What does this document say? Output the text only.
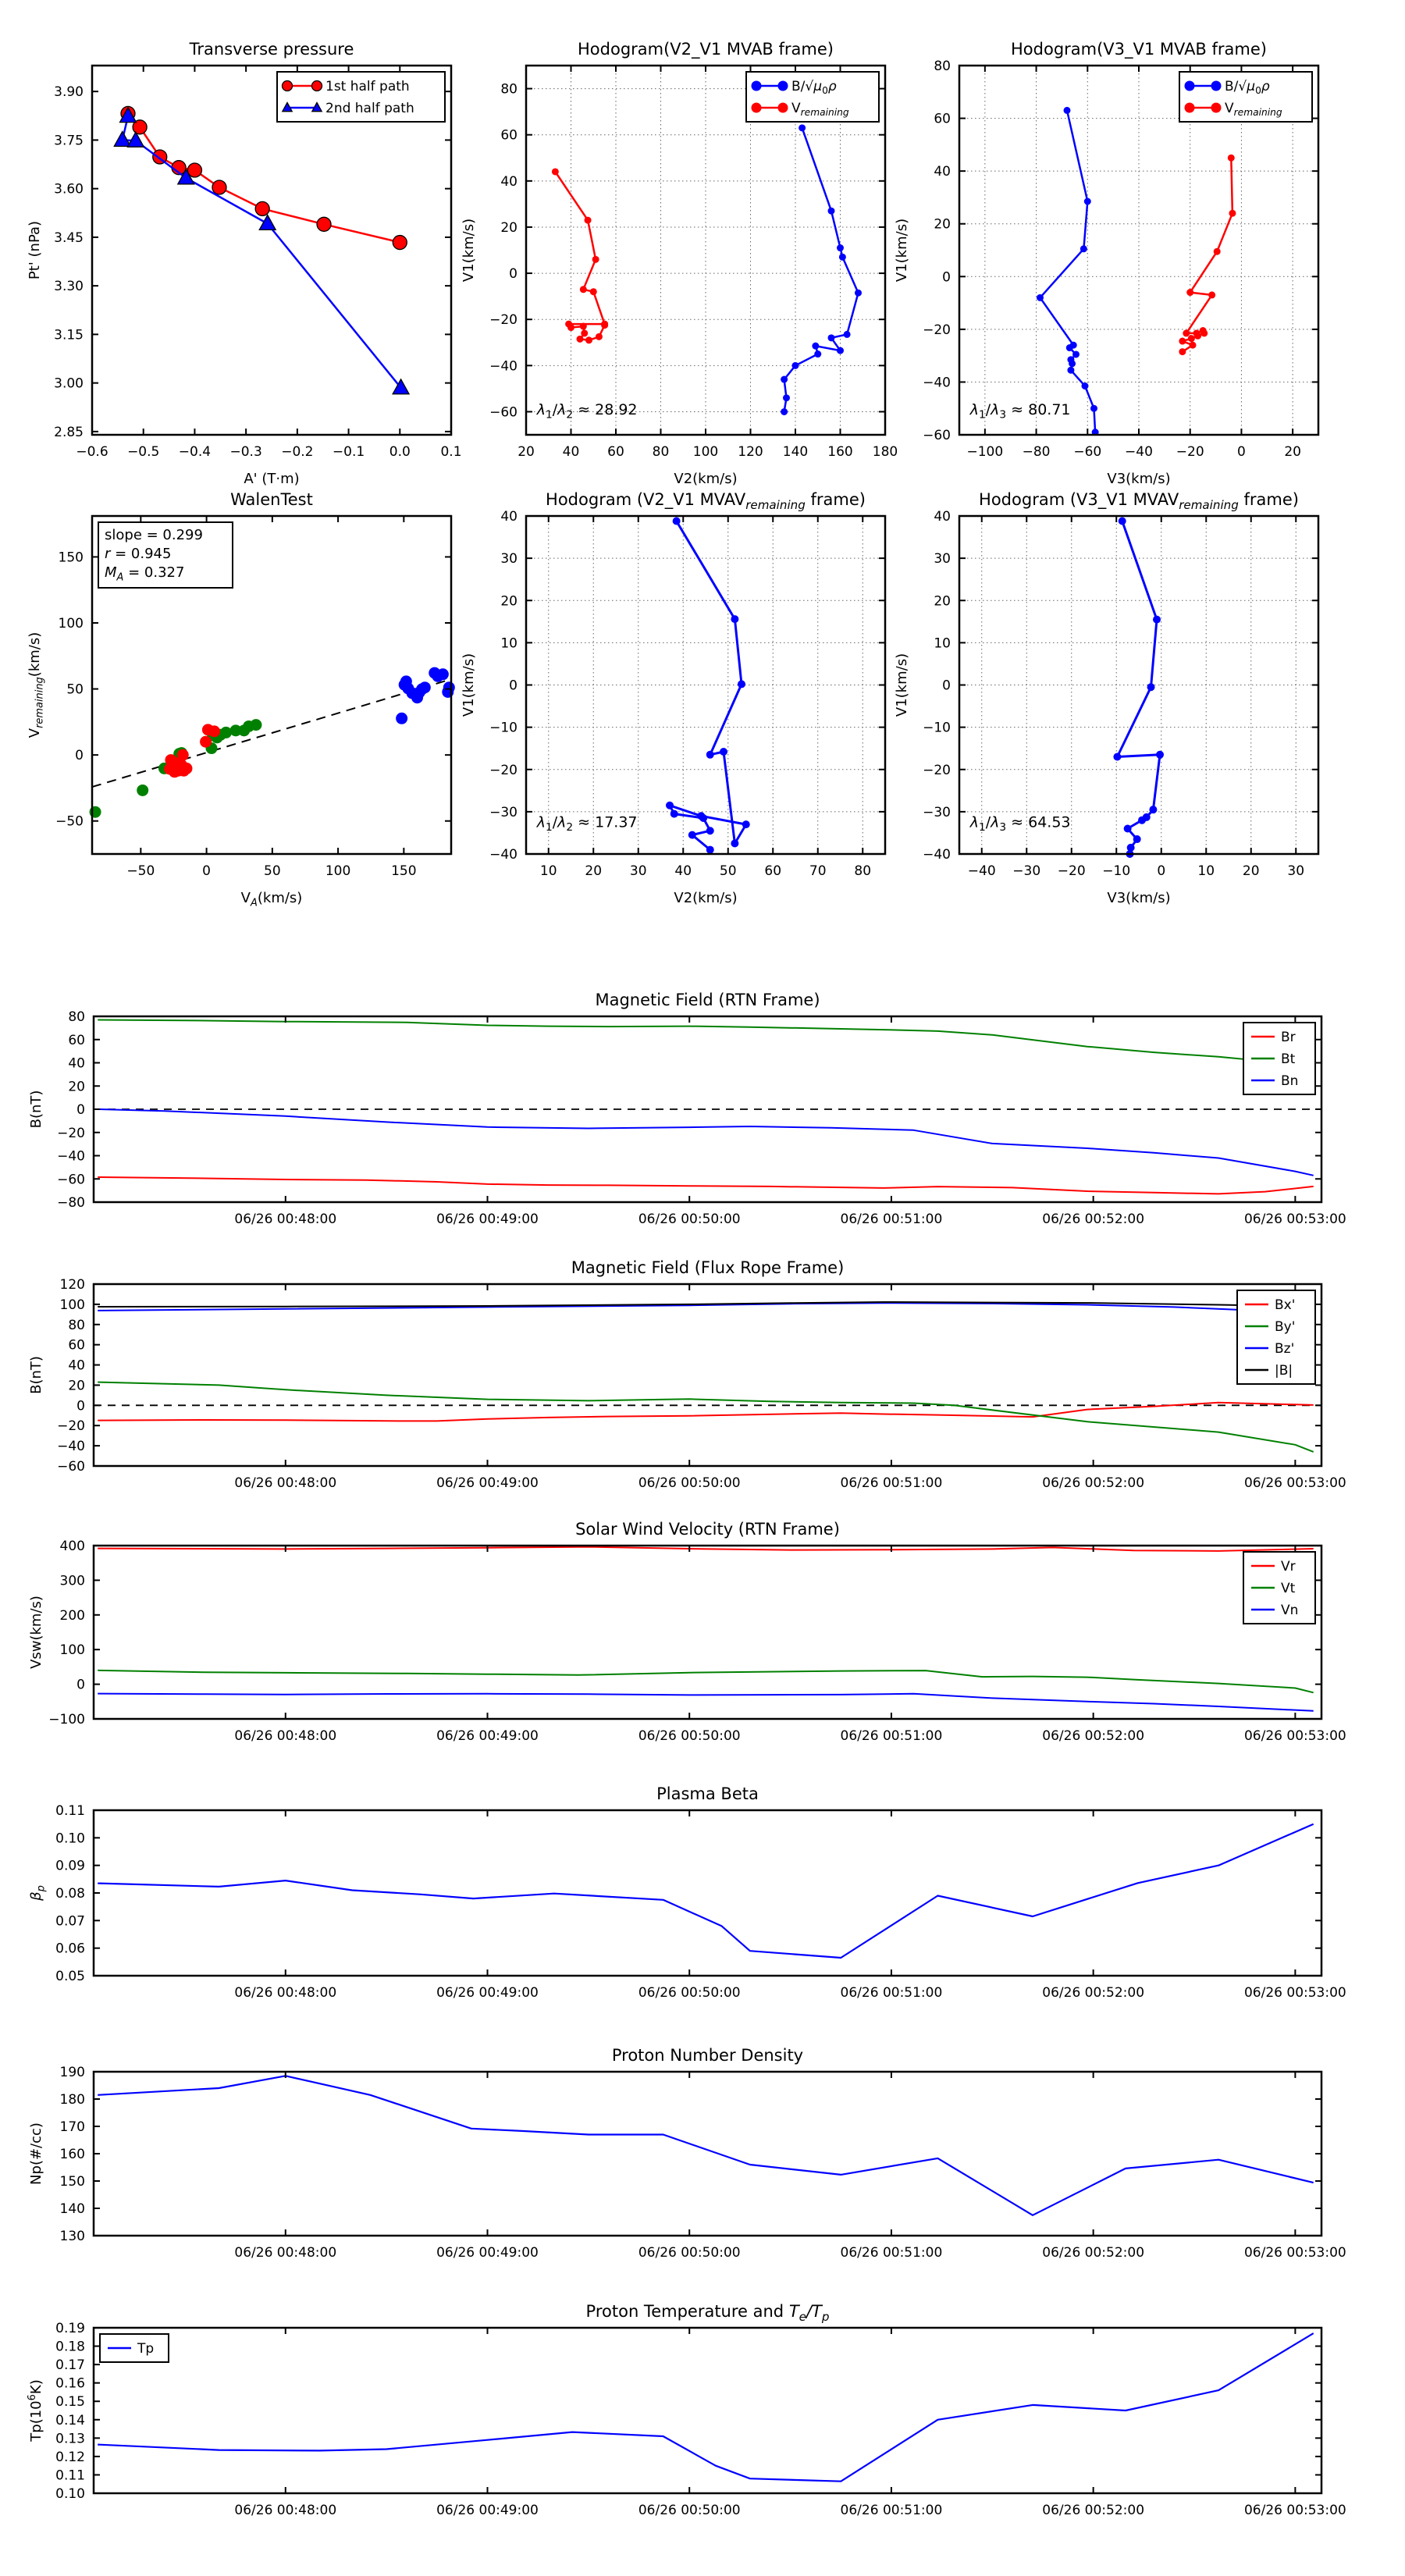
−0.6 −0.5 −0.4 −0.3 −0.2 −0.1 0.0 0.1
2.85
3.00
3.15
3.30
3.45
3.60
3.75
3.90
Transverse pressure
A' (T·m)
Pt' (nPa)
1st half path
2nd half path
20 40 60 80 100 120 140 160 180
−60
−40
−20
0
20
40
60
80
Hodogram(V2_V1 MVAB frame)
V2(km/s)
V1(km/s)
$B/√\mu_0\rho$
$V_{remaining}$
$\lambda_1/\lambda_2 \approx 28.92$
−100 −80 −60 −40 −20 0	20
−60
−40
−20
0
20
40
60
80
Hodogram(V3_V1 MVAB frame)
V3(km/s)
V1(km/s)
$B/√\mu_0\rho$
$V_{remaining}$
$\lambda_1/\lambda_3 \approx 80.71$
−50	0	50	100	150
−50
0
50
100
150
WalenTest
$V_A(km/s)$
$V_{remaining}(km/s)$
slope = 0.299
r = 0.945
$M_A = 0.327$
10 20 30 40 50 60 70 80
−40
−30
−20
−10
0
10
20
30
40
Hodogram (V2_V1 $MVAV_{remaining}$ frame)
V2(km/s)
V1(km/s)
$\lambda_1/\lambda_2 \approx 17.37$
−40 −30 −20 −10 0 10 20 30
−40
−30
−20
−10
0
10
20
30
40
Hodogram (V3_V1 $MVAV_{remaining}$ frame)
V3(km/s)
V1(km/s)
$\lambda_1/\lambda_3 \approx 64.53$
06/26 00:48:00	06/26 00:49:00	06/26 00:50:00	06/26 00:51:00	06/26 00:52:00	06/26 00:53:00
−80
−60
−40
−20
0
20
40
60
80
Magnetic Field (RTN Frame)
B(nT)
Br
Bt
Bn
06/26 00:48:00	06/26 00:49:00	06/26 00:50:00	06/26 00:51:00	06/26 00:52:00	06/26 00:53:00
−60
−40
−20
0
20
40
60
80
100
120
Magnetic Field (Flux Rope Frame)
B(nT)
Bx'
By'
Bz'
|B|
06/26 00:48:00	06/26 00:49:00	06/26 00:50:00	06/26 00:51:00	06/26 00:52:00	06/26 00:53:00
−100
0
100
200
300
400
Solar Wind Velocity (RTN Frame)
Vsw(km/s)
Vr
Vt
Vn
06/26 00:48:00	06/26 00:49:00	06/26 00:50:00	06/26 00:51:00	06/26 00:52:00	06/26 00:53:00
0.05
0.06
0.07
0.08
0.09
0.10
0.11
Plasma Beta
$\beta_p$
06/26 00:48:00	06/26 00:49:00	06/26 00:50:00	06/26 00:51:00	06/26 00:52:00	06/26 00:53:00
130
140
150
160
170
180
190
Proton Number Density
Np(#/cc)
06/26 00:48:00	06/26 00:49:00	06/26 00:50:00	06/26 00:51:00	06/26 00:52:00	06/26 00:53:00
0.10
0.11
0.12
0.13
0.14
0.15
0.16
0.17
0.18
0.19
Proton Temperature and $T_e/T_p$
$Tp(10^6K)$
Tp
